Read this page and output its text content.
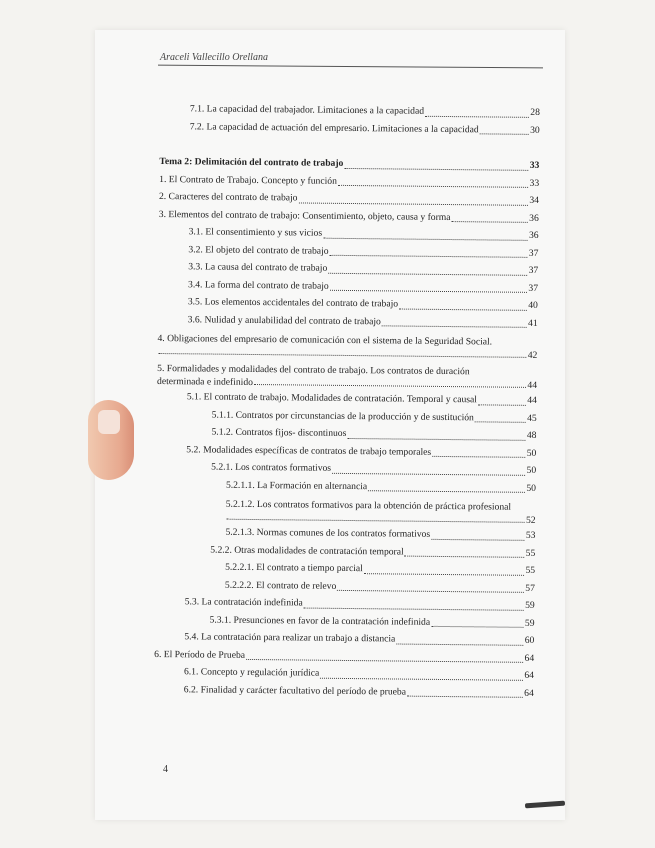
Araceli Vallecillo Orellana
7.1. La capacidad del trabajador. Limitaciones a la capacidad	28
7.2. La capacidad de actuación del empresario. Limitaciones a la capacidad	30
Tema 2: Delimitación del contrato de trabajo	33
1. El Contrato de Trabajo. Concepto y función	33
2. Caracteres del contrato de trabajo	34
3. Elementos del contrato de trabajo: Consentimiento, objeto, causa y forma	36
3.1. El consentimiento y sus vicios	36
3.2. El objeto del contrato de trabajo	37
3.3. La causa del contrato de trabajo	37
3.4. La forma del contrato de trabajo	37
3.5. Los elementos accidentales del contrato de trabajo	40
3.6. Nulidad y anulabilidad del contrato de trabajo	41
4. Obligaciones del empresario de comunicación con el sistema de la Seguridad Social.
42
5. Formalidades y modalidades del contrato de trabajo. Los contratos de duración
determinada e indefinido	44
5.1. El contrato de trabajo. Modalidades de contratación. Temporal y causal	44
5.1.1. Contratos por circunstancias de la producción y de sustitución	45
5.1.2. Contratos fijos- discontinuos	48
5.2. Modalidades específicas de contratos de trabajo temporales	50
5.2.1. Los contratos formativos	50
5.2.1.1. La Formación en alternancia	50
5.2.1.2. Los contratos formativos para la obtención de práctica profesional
52
5.2.1.3. Normas comunes de los contratos formativos	53
5.2.2. Otras modalidades de contratación temporal	55
5.2.2.1. El contrato a tiempo parcial	55
5.2.2.2. El contrato de relevo	57
5.3. La contratación indefinida	59
5.3.1. Presunciones en favor de la contratación indefinida	59
5.4. La contratación para realizar un trabajo a distancia	60
6. El Período de Prueba	64
6.1. Concepto y regulación jurídica	64
6.2. Finalidad y carácter facultativo del período de prueba	64
4
